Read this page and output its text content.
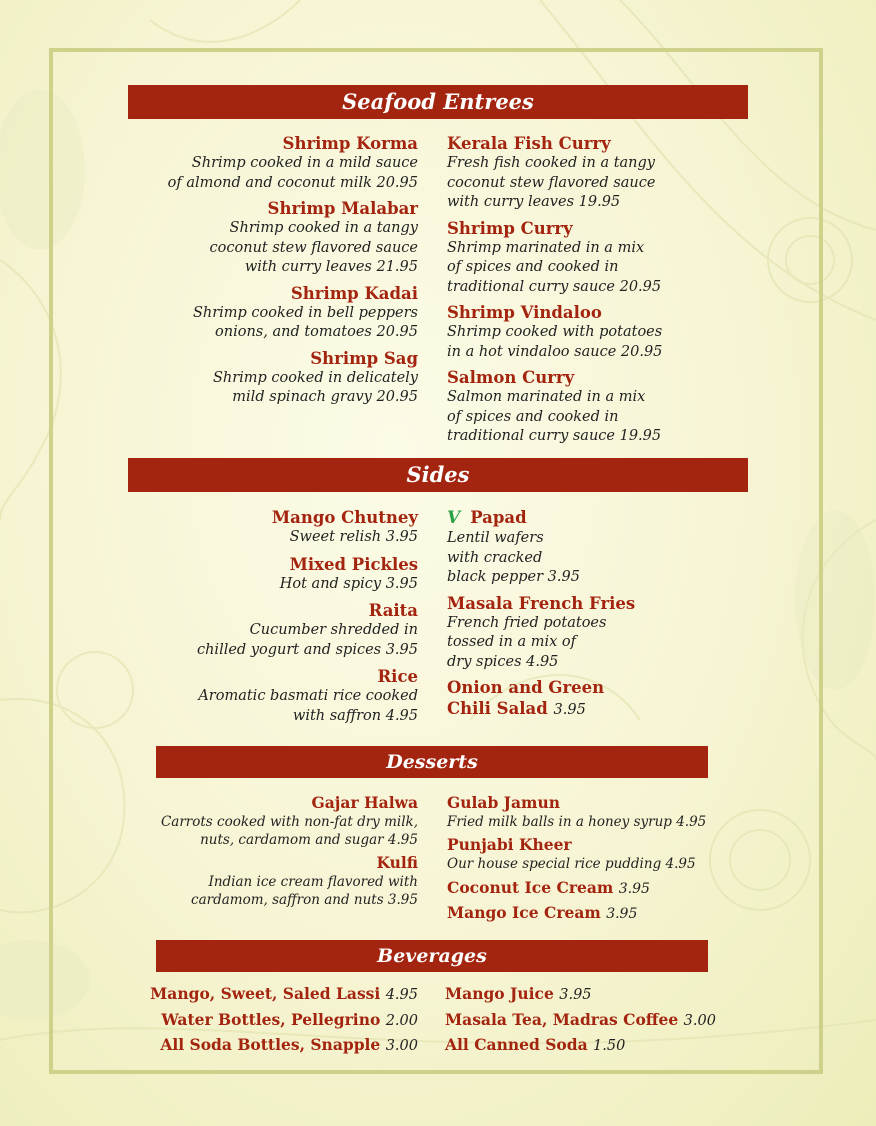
Seafood Entrees
Shrimp Korma
Shrimp cooked in a mild sauce
of almond and coconut milk 20.95
Shrimp Malabar
Shrimp cooked in a tangy
coconut stew flavored sauce
with curry leaves 21.95
Shrimp Kadai
Shrimp cooked in bell peppers
onions, and tomatoes 20.95
Shrimp Sag
Shrimp cooked in delicately
mild spinach gravy 20.95
Kerala Fish Curry
Fresh fish cooked in a tangy
coconut stew flavored sauce
with curry leaves 19.95
Shrimp Curry
Shrimp marinated in a mix
of spices and cooked in
traditional curry sauce 20.95
Shrimp Vindaloo
Shrimp cooked with potatoes
in a hot vindaloo sauce 20.95
Salmon Curry
Salmon marinated in a mix
of spices and cooked in
traditional curry sauce 19.95
Sides
Mango Chutney
Sweet relish 3.95
Mixed Pickles
Hot and spicy 3.95
Raita
Cucumber shredded in
chilled yogurt and spices 3.95
Rice
Aromatic basmati rice cooked
with saffron 4.95
V Papad
Lentil wafers
with cracked
black pepper 3.95
Masala French Fries
French fried potatoes
tossed in a mix of
dry spices 4.95
Onion and Green
Chili Salad 3.95
Desserts
Gajar Halwa
Carrots cooked with non-fat dry milk,
nuts, cardamom and sugar 4.95
Kulfi
Indian ice cream flavored with
cardamom, saffron and nuts 3.95
Gulab Jamun
Fried milk balls in a honey syrup 4.95
Punjabi Kheer
Our house special rice pudding 4.95
Coconut Ice Cream 3.95
Mango Ice Cream 3.95
Beverages
Mango, Sweet, Saled Lassi 4.95
Water Bottles, Pellegrino 2.00
All Soda Bottles, Snapple 3.00
Mango Juice 3.95
Masala Tea, Madras Coffee 3.00
All Canned Soda 1.50
